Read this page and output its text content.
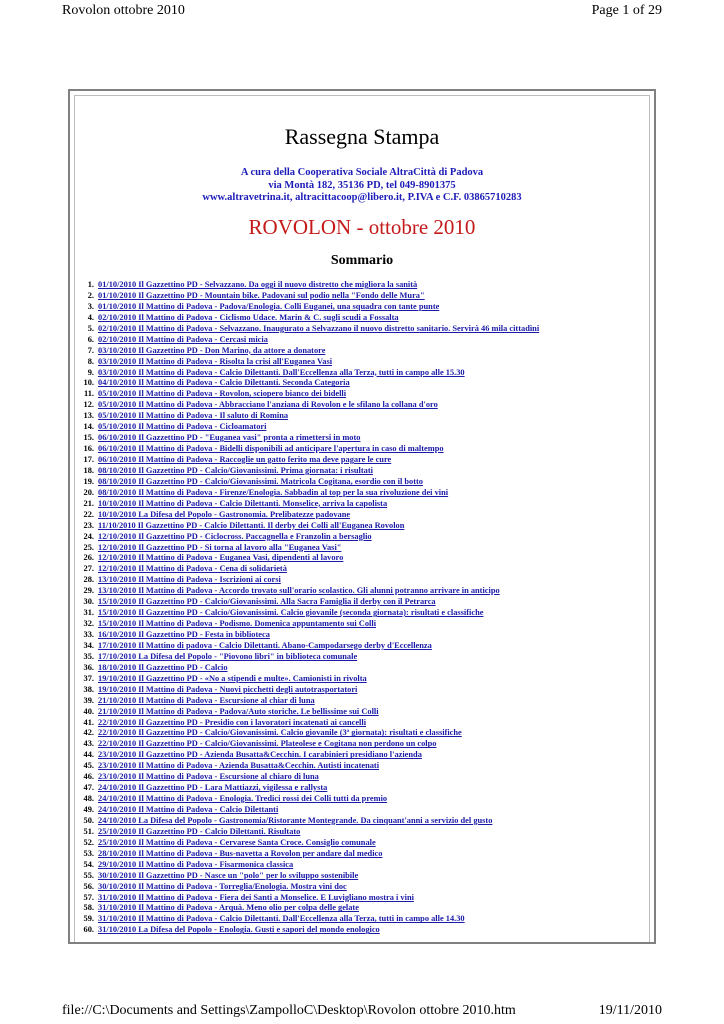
Rovolon ottobre 2010	Page 1 of 29
Rassegna Stampa
A cura della Cooperativa Sociale AltraCittà di Padova
via Montà 182, 35136 PD, tel 049-8901375
www.altravetrina.it, altracittacoop@libero.it, P.IVA e C.F. 03865710283
ROVOLON - ottobre 2010
Sommario
1. 01/10/2010 Il Gazzettino PD - Selvazzano. Da oggi il nuovo distretto che migliora la sanità
2. 01/10/2010 Il Gazzettino PD - Mountain bike. Padovani sul podio nella "Fondo delle Mura"
3. 01/10/2010 Il Mattino di Padova - Padova/Enologia. Colli Euganei, una squadra con tante punte
4. 02/10/2010 Il Mattino di Padova - Ciclismo Udace. Marin & C. sugli scudi a Fossalta
5. 02/10/2010 Il Mattino di Padova - Selvazzano. Inaugurato a Selvazzano il nuovo distretto sanitario. Servirà 46 mila cittadini
6. 02/10/2010 Il Mattino di Padova - Cercasi micia
7. 03/10/2010 Il Gazzettino PD - Don Marino, da attore a donatore
8. 03/10/2010 Il Mattino di Padova - Risolta la crisi all'Euganea Vasi
9. 03/10/2010 Il Mattino di Padova - Calcio Dilettanti. Dall'Eccellenza alla Terza, tutti in campo alle 15.30
10. 04/10/2010 Il Mattino di Padova - Calcio Dilettanti. Seconda Categoria
11. 05/10/2010 Il Mattino di Padova - Rovolon, sciopero bianco dei bidelli
12. 05/10/2010 Il Mattino di Padova - Abbracciano l'anziana di Rovolon e le sfilano la collana d'oro
13. 05/10/2010 Il Mattino di Padova - Il saluto di Romina
14. 05/10/2010 Il Mattino di Padova - Cicloamatori
15. 06/10/2010 Il Gazzettino PD - "Euganea vasi" pronta a rimettersi in moto
16. 06/10/2010 Il Mattino di Padova - Bidelli disponibili ad anticipare l'apertura in caso di maltempo
17. 06/10/2010 Il Mattino di Padova - Raccoglie un gatto ferito ma deve pagare le cure
18. 08/10/2010 Il Gazzettino PD - Calcio/Giovanissimi. Prima giornata: i risultati
19. 08/10/2010 Il Gazzettino PD - Calcio/Giovanissimi. Matricola Cogitana, esordio con il botto
20. 08/10/2010 Il Mattino di Padova - Firenze/Enologia. Sabbadin al top per la sua rivoluzione dei vini
21. 10/10/2010 Il Mattino di Padova - Calcio Dilettanti. Monselice, arriva la capolista
22. 10/10/2010 La Difesa del Popolo - Gastronomia. Prelibatezze padovane
23. 11/10/2010 Il Gazzettino PD - Calcio Dilettanti. Il derby dei Colli all'Euganea Rovolon
24. 12/10/2010 Il Gazzettino PD - Ciclocross. Paccagnella e Franzolin a bersaglio
25. 12/10/2010 Il Gazzettino PD - Si torna al lavoro alla "Euganea Vasi"
26. 12/10/2010 Il Mattino di Padova - Euganea Vasi, dipendenti al lavoro
27. 12/10/2010 Il Mattino di Padova - Cena di solidarietà
28. 13/10/2010 Il Mattino di Padova - Iscrizioni ai corsi
29. 13/10/2010 Il Mattino di Padova - Accordo trovato sull'orario scolastico. Gli alunni potranno arrivare in anticipo
30. 15/10/2010 Il Gazzettino PD - Calcio/Giovanissimi. Alla Sacra Famiglia il derby con il Petrarca
31. 15/10/2010 Il Gazzettino PD - Calcio/Giovanissimi. Calcio giovanile (seconda giornata): risultati e classifiche
32. 15/10/2010 Il Mattino di Padova - Podismo. Domenica appuntamento sui Colli
33. 16/10/2010 Il Gazzettino PD - Festa in biblioteca
34. 17/10/2010 Il Mattino di padova - Calcio Dilettanti. Abano-Campodarsego derby d'Eccellenza
35. 17/10/2010 La Difesa del Popolo - "Piovono libri" in biblioteca comunale
36. 18/10/2010 Il Gazzettino PD - Calcio
37. 19/10/2010 Il Gazzettino PD - «No a stipendi e multe». Camionisti in rivolta
38. 19/10/2010 Il Mattino di Padova - Nuovi picchetti degli autotrasportatori
39. 21/10/2010 Il Mattino di Padova - Escursione al chiar di luna
40. 21/10/2010 Il Mattino di Padova - Padova/Auto storiche. Le bellissime sui Colli
41. 22/10/2010 Il Gazzettino PD - Presidio con i lavoratori incatenati ai cancelli
42. 22/10/2010 Il Gazzettino PD - Calcio/Giovanissimi. Calcio giovanile (3ª giornata): risultati e classifiche
43. 22/10/2010 Il Gazzettino PD - Calcio/Giovanissimi. Plateolese e Cogitana non perdono un colpo
44. 23/10/2010 Il Gazzettino PD - Azienda Busatta&Cecchin. I carabinieri presidiano l'azienda
45. 23/10/2010 Il Mattino di Padova - Azienda Busatta&Cecchin. Autisti incatenati
46. 23/10/2010 Il Mattino di Padova - Escursione al chiaro di luna
47. 24/10/2010 Il Gazzettino PD - Lara Mattiazzi, vigilessa e rallysta
48. 24/10/2010 Il Mattino di Padova - Enologia. Tredici rossi dei Colli tutti da premio
49. 24/10/2010 Il Mattino di Padova - Calcio Dilettanti
50. 24/10/2010 La Difesa del Popolo - Gastronomia/Ristorante Montegrande. Da cinquant'anni a servizio del gusto
51. 25/10/2010 Il Gazzettino PD - Calcio Dilettanti. Risultato
52. 25/10/2010 Il Mattino di Padova - Cervarese Santa Croce. Consiglio comunale
53. 28/10/2010 Il Mattino di Padova - Bus-navetta a Rovolon per andare dal medico
54. 29/10/2010 Il Mattino di Padova - Fisarmonica classica
55. 30/10/2010 Il Gazzettino PD - Nasce un "polo" per lo sviluppo sostenibile
56. 30/10/2010 Il Mattino di Padova - Torreglia/Enologia. Mostra vini doc
57. 31/10/2010 Il Mattino di Padova - Fiera dei Santi a Monselice. E Luvigliano mostra i vini
58. 31/10/2010 Il Mattino di Padova - Arquà. Meno olio per colpa delle gelate
59. 31/10/2010 Il Mattino di Padova - Calcio Dilettanti. Dall'Eccellenza alla Terza, tutti in campo alle 14.30
60. 31/10/2010 La Difesa del Popolo - Enologia. Gusti e sapori del mondo enologico
file://C:\Documents and Settings\ZampolloC\Desktop\Rovolon ottobre 2010.htm	19/11/2010
